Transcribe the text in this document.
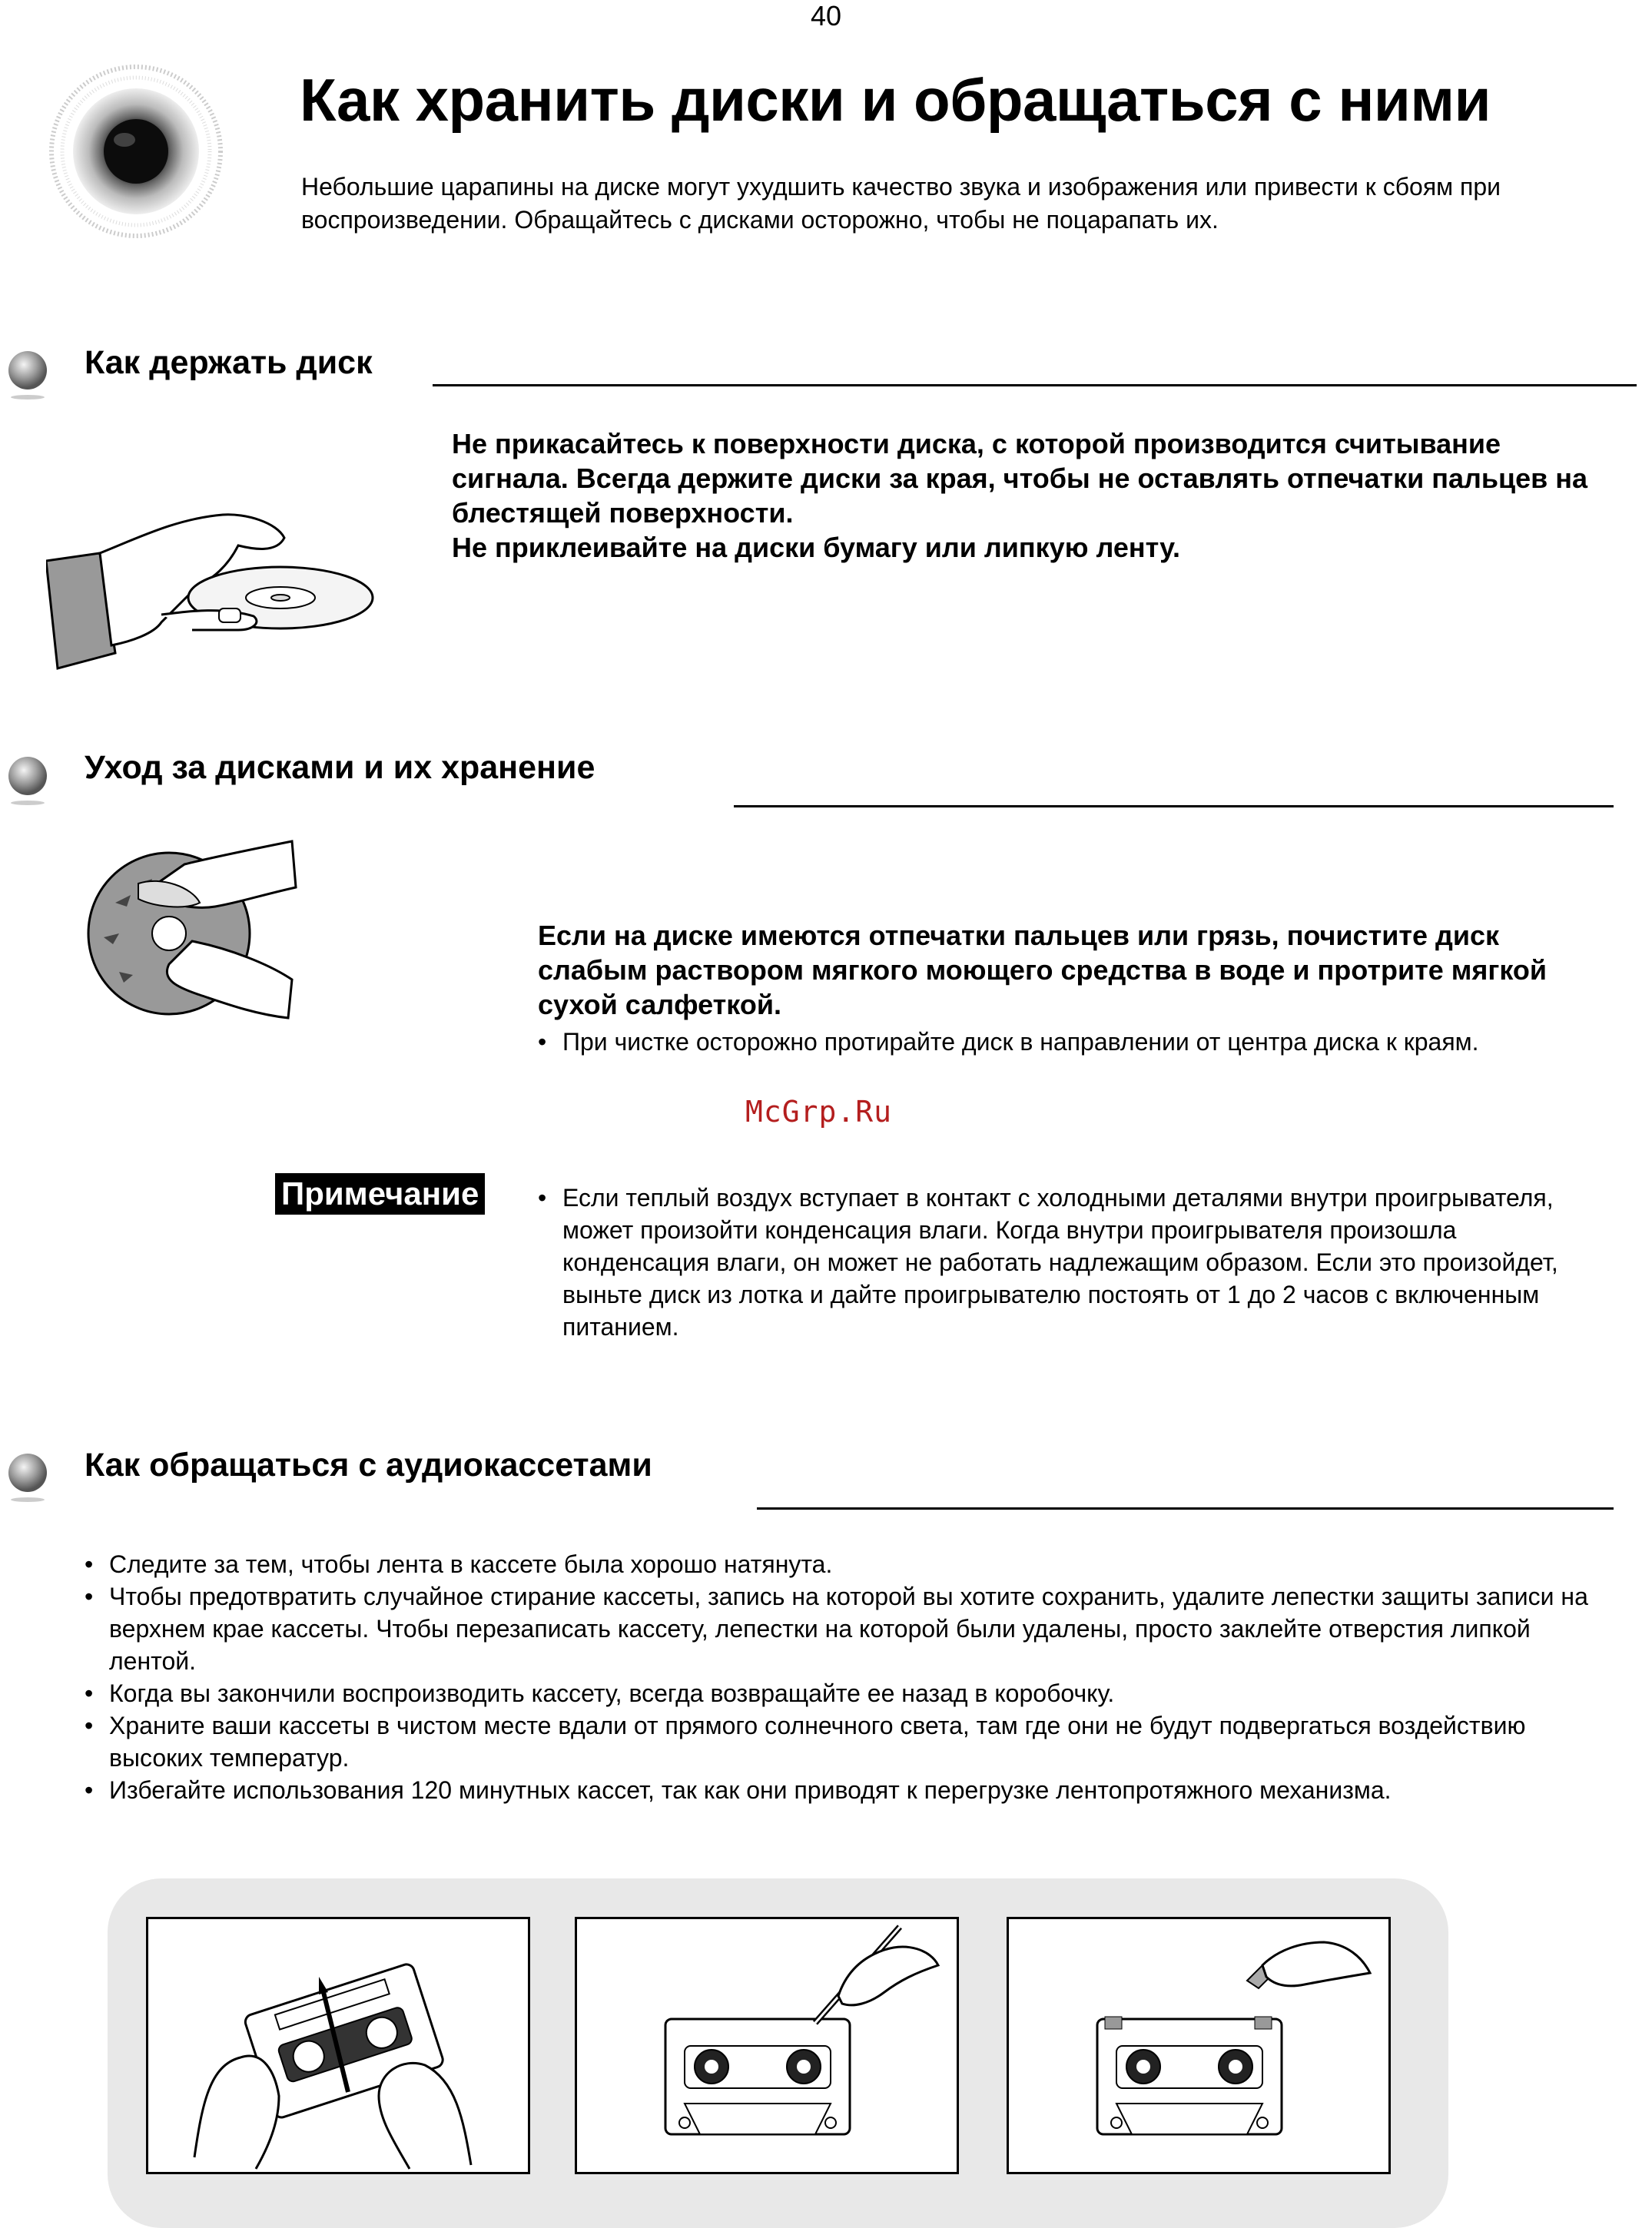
40
Как хранить диски и обращаться с ними
Небольшие царапины на диске могут ухудшить качество звука и изображения или привести к сбоям при воспроизведении. Обращайтесь с дисками осторожно, чтобы не поцарапать их.
Как держать диск
Не прикасайтесь к поверхности диска, с которой производится считывание сигнала. Всегда держите диски за края, чтобы не оставлять отпечатки пальцев на блестящей поверхности.
Не приклеивайте на диски бумагу или липкую ленту.
Уход за дисками и их хранение
Если на диске имеются отпечатки пальцев или грязь, почистите диск слабым раствором мягкого моющего средства в воде и протрите мягкой сухой салфеткой.
• При чистке осторожно протирайте диск в направлении от центра диска к краям.
McGrp.Ru
Примечание
•	Если теплый воздух вступает в контакт с холодными деталями внутри проигрывателя, может произойти конденсация влаги. Когда внутри проигрывателя произошла конденсация влаги, он может не работать надлежащим образом. Если это произойдет, выньте диск из лотка и дайте проигрывателю постоять от 1 до 2 часов с включенным питанием.
Как обращаться с аудиокассетами
• Следите за тем, чтобы лента в кассете была хорошо натянута.
• Чтобы предотвратить случайное стирание кассеты, запись на которой вы хотите сохранить, удалите лепестки защиты записи на верхнем крае кассеты. Чтобы перезаписать кассету, лепестки на которой были удалены, просто заклейте отверстия липкой лентой.
• Когда вы закончили воспроизводить кассету, всегда возвращайте ее назад в коробочку.
• Храните ваши кассеты в чистом месте вдали от прямого солнечного света, там где они не будут подвергаться воздействию высоких температур.
• Избегайте использования 120 минутных кассет, так как они приводят к перегрузке лентопротяжного механизма.
